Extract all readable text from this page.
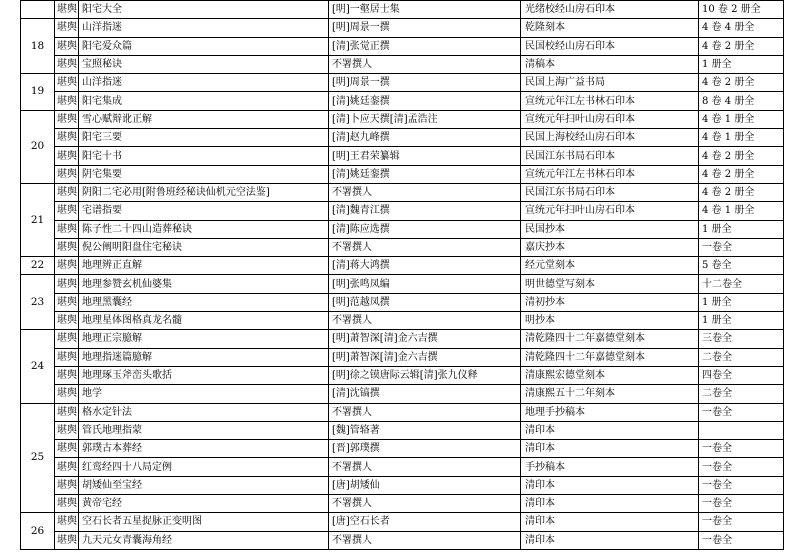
	堪舆	阳宅大全	[明]一壑居士集	光绪校经山房石印本	10 卷 2 册全
18	堪舆	山洋指迷	[明]周景一撰	乾隆刻本	4 卷 4 册全
	堪舆	阳宅爱众篇	[清]张觉正撰	民国校经山房石印本	4 卷 2 册全
	堪舆	宝照秘诀	不署撰人	清稿本	1 册全
19	堪舆	山洋指迷	[明]周景一撰	民国上海广益书局	4 卷 2 册全
	堪舆	阳宅集成	[清]姚廷銮撰	宣统元年江左书林石印本	8 卷 4 册全
20	堪舆	雪心赋辩讹正解	[清]卜应天撰[清]孟浩注	宣统元年扫叶山房石印本	4 卷 1 册全
	堪舆	阳宅三要	[清]赵九峰撰	民国上海校经山房石印本	4 卷 1 册全
	堪舆	阳宅十书	[明]王君荣纂辑	民国江东书局石印本	4 卷 2 册全
	堪舆	阴宅集要	[清]姚廷銮撰	宣统元年江左书林石印本	4 卷 2 册全
21	堪舆	阴阳二宅必用[附鲁班经秘诀仙机元空法鉴]	不署撰人	民国江东书局石印本	4 卷 2 册全
	堪舆	宅谱指要	[清]魏青江撰	宣统元年扫叶山房石印本	4 卷 1 册全
	堪舆	陈子性二十四山造葬秘诀	[清]陈应选撰	民国抄本	1 册全
	堪舆	倪公阐明阳盘住宅秘诀	不署撰人	嘉庆抄本	一卷全
22	堪舆	地理辨正直解	[清]蒋大鸿撰	经元堂刻本	5 卷全
23	堪舆	地理参赞玄机仙婆集	[明]张鸣凤编	明世德堂写刻本	十二卷全
	堪舆	地理黑囊经	[明]范越凤撰	清初抄本	1 册全
	堪舆	地理星体图格真龙名髓	不署撰人	明抄本	1 册全
24	堪舆	地理正宗臆解	[明]萧智深[清]金六吉撰	清乾隆四十二年嘉德堂刻本	三卷全
	堪舆	地理指迷篇臆解	[明]萧智深[清]金六吉撰	清乾隆四十二年嘉德堂刻本	二卷全
	堪舆	地理琢玉斧峦头歌括	[明]徐之镆唐际云辑[清]张九仪释	清康熙宏德堂刻本	四卷全
	堪舆	地学	[清]沈镐撰	清康熙五十二年刻本	二卷全
25	堪舆	格水定针法	不署撰人	地理手抄稿本	一卷全
	堪舆	管氏地理指蒙	[魏]管辂著	清印本	
	堪舆	郭璞古本葬经	[晋]郭璞撰	清印本	一卷全
	堪舆	红鸾经四十八局定例	不署撰人	手抄稿本	一卷全
	堪舆	胡矮仙至宝经	[唐]胡矮仙	清印本	一卷全
	堪舆	黄帝宅经	不署撰人	清印本	一卷全
26	堪舆	空石长者五星捉脉正变明图	[唐]空石长者	清印本	一卷全
	堪舆	九天元女青囊海角经	不署撰人	清印本	一卷全
